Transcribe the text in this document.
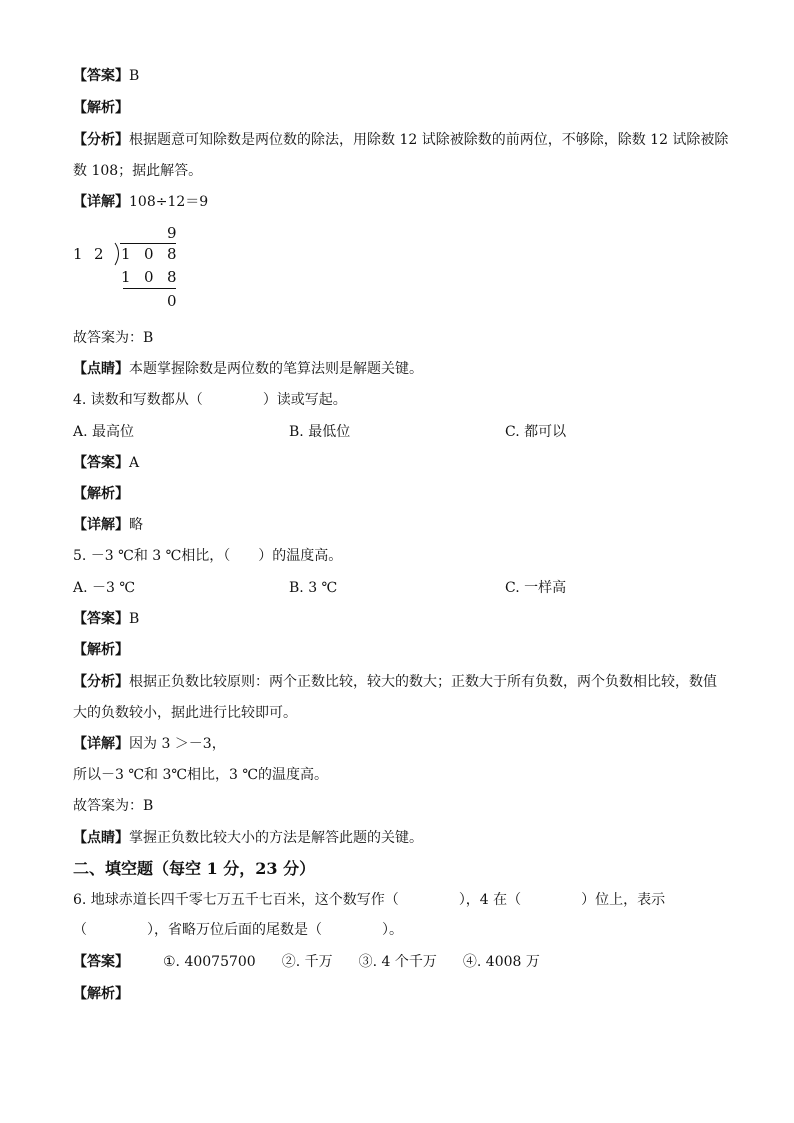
【答案】B
【解析】
【分析】根据题意可知除数是两位数的除法，用除数 12 试除被除数的前两位，不够除，除数 12 试除被除
数 108；据此解答。
【详解】108÷12＝9
9
1 2 1 0 8
1 0 8
0
故答案为：B
【点睛】本题掌握除数是两位数的笔算法则是解题关键。
4. 读数和写数都从（	）读或写起。
A. 最高位	B. 最低位	C. 都可以
【答案】A
【解析】
【详解】略
5. －3 ℃和 3 ℃相比，（　　）的温度高。
A. －3 ℃	B. 3 ℃	C. 一样高
【答案】B
【解析】
【分析】根据正负数比较原则：两个正数比较，较大的数大；正数大于所有负数，两个负数相比较，数值
大的负数较小，据此进行比较即可。
【详解】因为 3 ＞－3，
所以－3 ℃和 3℃相比，3 ℃的温度高。
故答案为：B
【点睛】掌握正负数比较大小的方法是解答此题的关键。
二、填空题（每空 1 分，23 分）
6. 地球赤道长四千零七万五千七百米，这个数写作（	），4 在（	）位上，表示
（	），省略万位后面的尾数是（	）。
【答案】 ①. 40075700 ②. 千万 ③. 4 个千万 ④. 4008 万
【解析】
